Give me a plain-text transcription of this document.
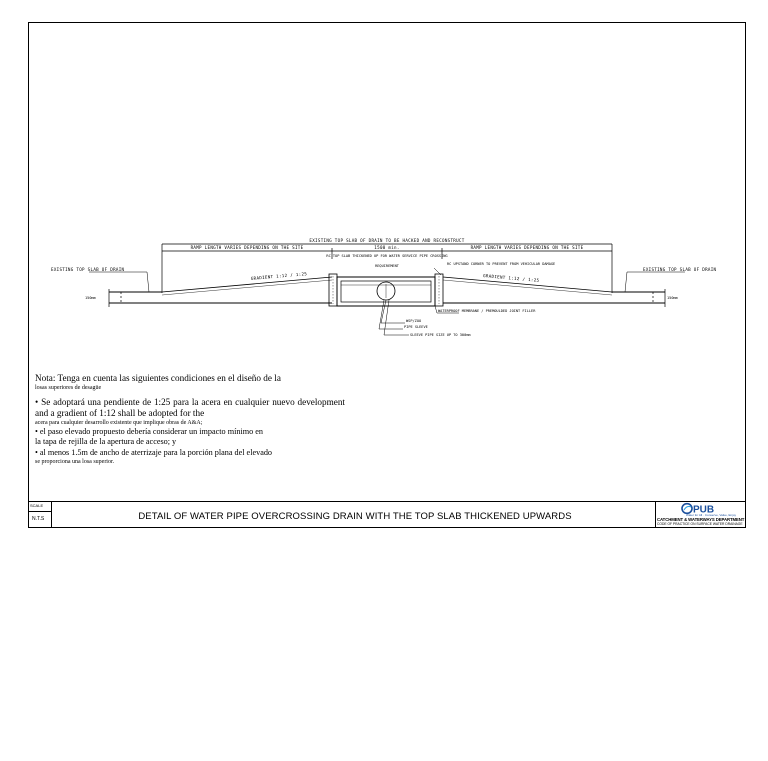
EXISTING TOP SLAB OF DRAIN TO BE HACKED AND RECONSTRUCT
RAMP LENGTH VARIES DEPENDING ON THE SITE	RAMP LENGTH VARIES DEPENDING ON THE SITE
1500 min.
RC TOP SLAB THICKENED UP FOR WATER SERVICE PIPE CROSSING
REQUIREMENT	RC UPSTAND CORNER TO PREVENT FROM VEHICULAR DAMAGE
GRADIENT 1:12 / 1:25	GRADIENT 1:12 / 1:25
EXISTING TOP SLAB OF DRAIN	EXISTING TOP SLAB OF DRAIN
150mm	150mm
WATERPROOF MEMBRANE / PREMOULDED JOINT FILLER
WSP/ZOO
PIPE SLEEVE
SLEEVE PIPE SIZE UP TO 300mm

Nota: Tenga en cuenta las siguientes condiciones en el diseño de la

losas superiores de desagüe

• Se adoptará una pendiente de 1:25 para la acera en cualquier nuevo development and a gradient of 1:12 shall be adopted for the

acera para cualquier desarrollo existente que implique obras de A&A;

• el paso elevado propuesto debería considerar un impacto mínimo en

la tapa de rejilla de la apertura de acceso; y

• al menos 1.5m de ancho de aterrizaje para la porción plana del elevado

se proporciona una losa superior.

SCALE
N.T.S	DETAIL OF WATER PIPE OVERCROSSING DRAIN WITH THE TOP SLAB THICKENED UPWARDS
PUB
Water for All · Conserve, Value, Enjoy
CATCHMENT & WATERWAYS DEPARTMENT
CODE OF PRACTICE ON SURFACE WATER DRAINAGE
